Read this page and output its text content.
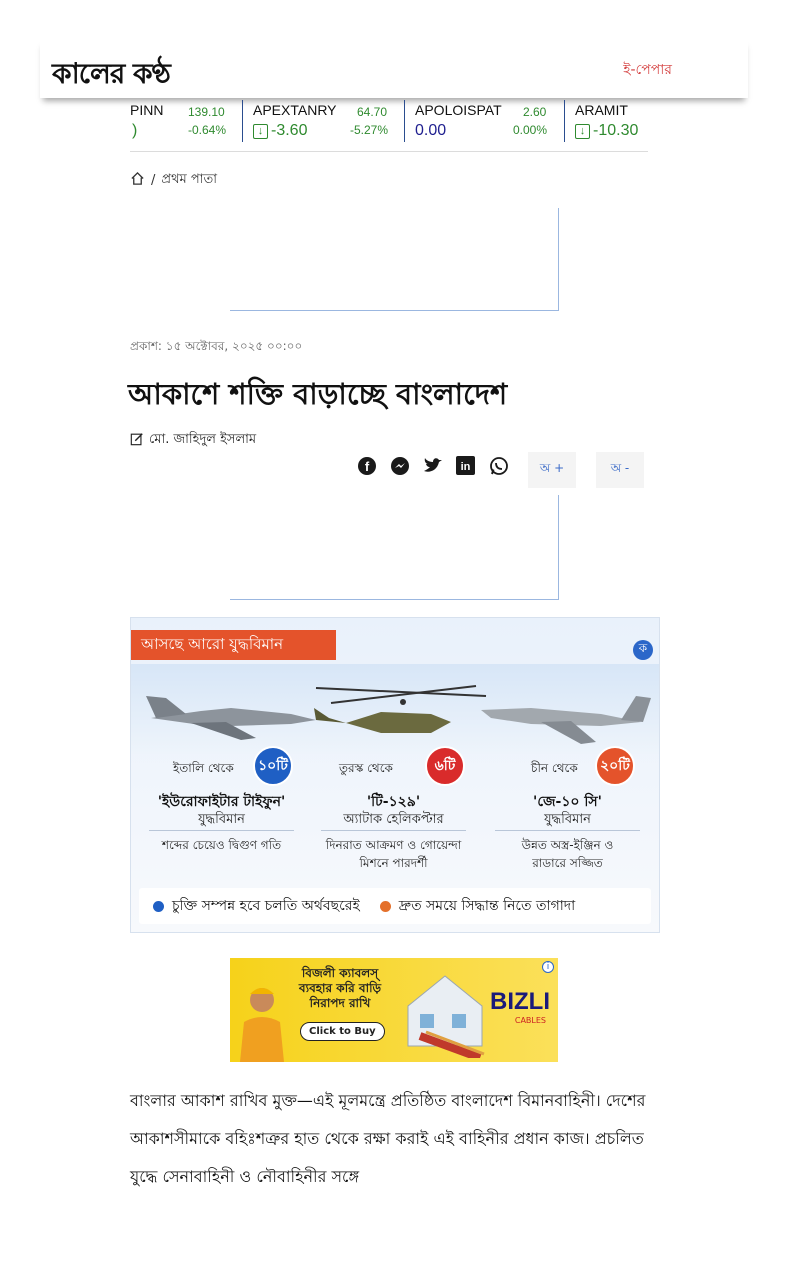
কালের কণ্ঠ	ই-পেপার
PINN 139.10
)	-0.64%
APEXTANRY 64.70
↓ -3.60	-5.27%
APOLOISPAT 2.60
0.00	0.00%
ARAMIT
↓ -10.30
/ প্রথম পাতা
প্রকাশ: ১৫ অক্টোবর, ২০২৫ ০০:০০
আকাশে শক্তি বাড়াচ্ছে বাংলাদেশ
মো. জাহিদুল ইসলাম
f	in	অ +	অ -
আসছে আরো যুদ্ধবিমান	ক
ইতালি থেকে	১০টি
'ইউরোফাইটার টাইফুন'
যুদ্ধবিমান
শব্দের চেয়েও দ্বিগুণ গতি
তুরস্ক থেকে	৬টি
'টি-১২৯'
অ্যাটাক হেলিকপ্টার
দিনরাত আক্রমণ ও গোয়েন্দা মিশনে পারদর্শী
চীন থেকে	২০টি
'জে-১০ সি'
যুদ্ধবিমান
উন্নত অস্ত্র-ইঞ্জিন ও রাডারে সজ্জিত
চুক্তি সম্পন্ন হবে চলতি অর্থবছরেই	দ্রুত সময়ে সিদ্ধান্ত নিতে তাগাদা
বিজলী ক্যাবলস্ ব্যবহার করি বাড়ি নিরাপদ রাখি
Click to Buy
BIZLI
CABLES
i

বাংলার আকাশ রাখিব মুক্ত—এই মূলমন্ত্রে প্রতিষ্ঠিত বাংলাদেশ বিমানবাহিনী। দেশের আকাশসীমাকে বহিঃশত্রুর হাত থেকে রক্ষা করাই এই বাহিনীর প্রধান কাজ। প্রচলিত যুদ্ধে সেনাবাহিনী ও নৌবাহিনীর সঙ্গে
